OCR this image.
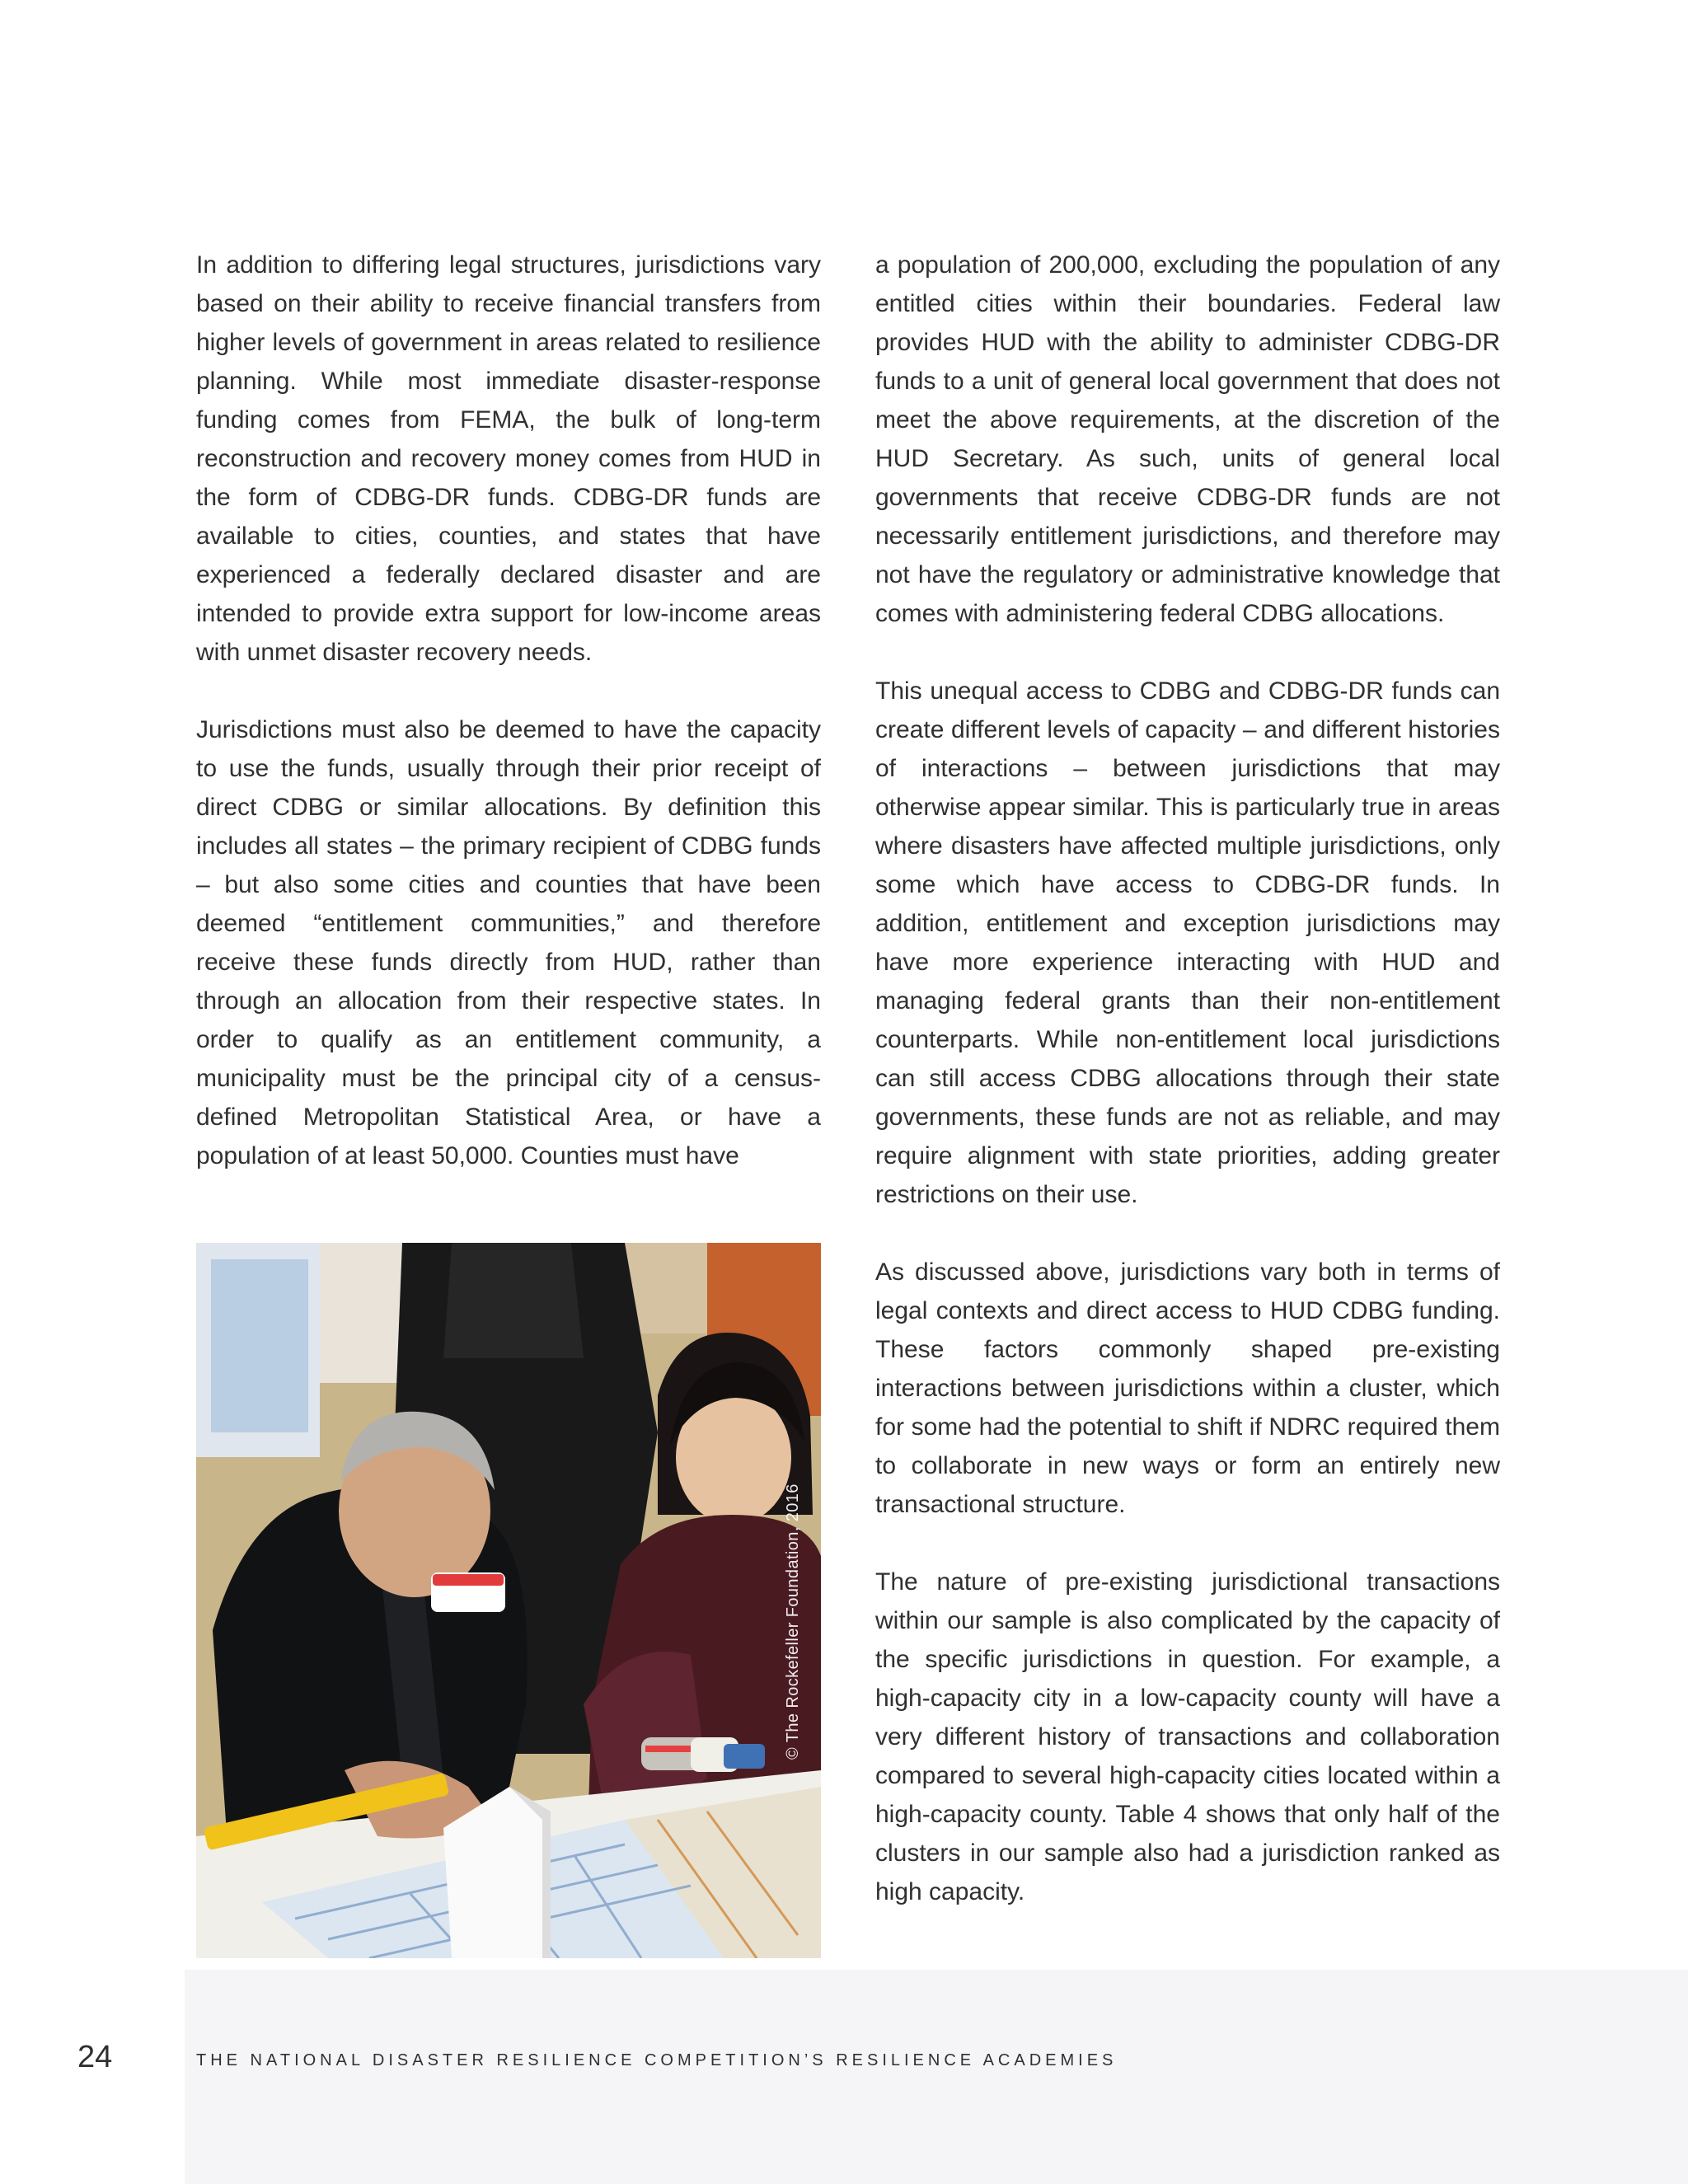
In addition to differing legal structures, jurisdictions vary based on their ability to receive financial transfers from higher levels of government in areas related to resilience planning. While most immediate disaster-response funding comes from FEMA, the bulk of long-term reconstruction and recovery money comes from HUD in the form of CDBG-DR funds. CDBG-DR funds are available to cities, counties, and states that have experienced a federally declared disaster and are intended to provide extra support for low-income areas with unmet disaster recovery needs.

Jurisdictions must also be deemed to have the capacity to use the funds, usually through their prior receipt of direct CDBG or similar allocations. By definition this includes all states – the primary recipient of CDBG funds – but also some cities and counties that have been deemed “entitlement communities,” and therefore receive these funds directly from HUD, rather than through an allocation from their respective states. In order to qualify as an entitlement community, a municipality must be the principal city of a census-defined Metropolitan Statistical Area, or have a population of at least 50,000. Counties must have

a population of 200,000, excluding the population of any entitled cities within their boundaries. Federal law provides HUD with the ability to administer CDBG-DR funds to a unit of general local government that does not meet the above requirements, at the discretion of the HUD Secretary. As such, units of general local governments that receive CDBG-DR funds are not necessarily entitlement jurisdictions, and therefore may not have the regulatory or administrative knowledge that comes with administering federal CDBG allocations.

This unequal access to CDBG and CDBG-DR funds can create different levels of capacity – and different histories of interactions – between jurisdictions that may otherwise appear similar. This is particularly true in areas where disasters have affected multiple jurisdictions, only some which have access to CDBG-DR funds. In addition, entitlement and exception jurisdictions may have more experience interacting with HUD and managing federal grants than their non-entitlement counterparts. While non-entitlement local jurisdictions can still access CDBG allocations through their state governments, these funds are not as reliable, and may require alignment with state priorities, adding greater restrictions on their use.

As discussed above, jurisdictions vary both in terms of legal contexts and direct access to HUD CDBG funding. These factors commonly shaped pre-existing interactions between jurisdictions within a cluster, which for some had the potential to shift if NDRC required them to collaborate in new ways or form an entirely new transactional structure.

The nature of pre-existing jurisdictional transactions within our sample is also complicated by the capacity of the specific jurisdictions in question. For example, a high-capacity city in a low-capacity county will have a very different history of transactions and collaboration compared to several high-capacity cities located within a high-capacity county. Table 4 shows that only half of the clusters in our sample also had a jurisdiction ranked as high capacity.

© The Rockefeller Foundation, 2016
24	THE NATIONAL DISASTER RESILIENCE COMPETITION’S RESILIENCE ACADEMIES
